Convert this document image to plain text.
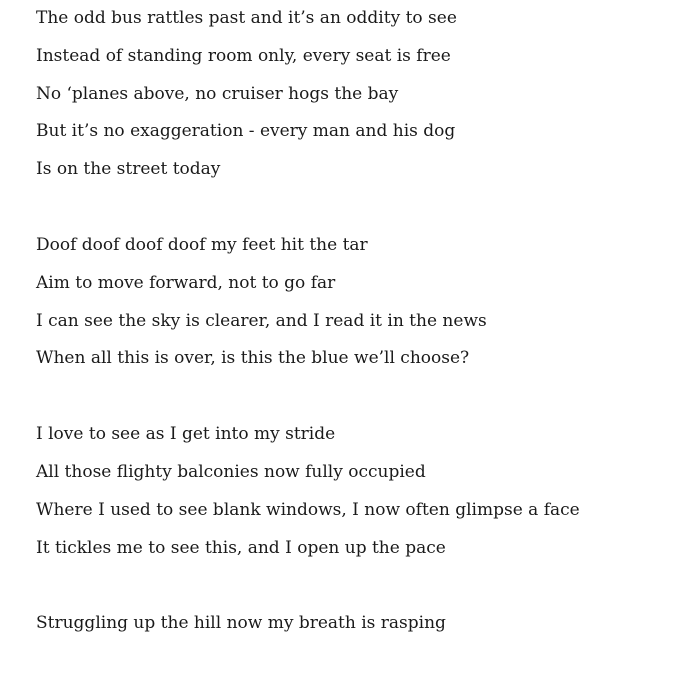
The odd bus rattles past and it’s an oddity to see
Instead of standing room only, every seat is free
No ‘planes above, no cruiser hogs the bay
But it’s no exaggeration - every man and his dog
Is on the street today
Doof doof doof doof my feet hit the tar
Aim to move forward, not to go far
I can see the sky is clearer, and I read it in the news
When all this is over, is this the blue we’ll choose?
I love to see as I get into my stride
All those flighty balconies now fully occupied
Where I used to see blank windows, I now often glimpse a face
It tickles me to see this, and I open up the pace
Struggling up the hill now my breath is rasping
